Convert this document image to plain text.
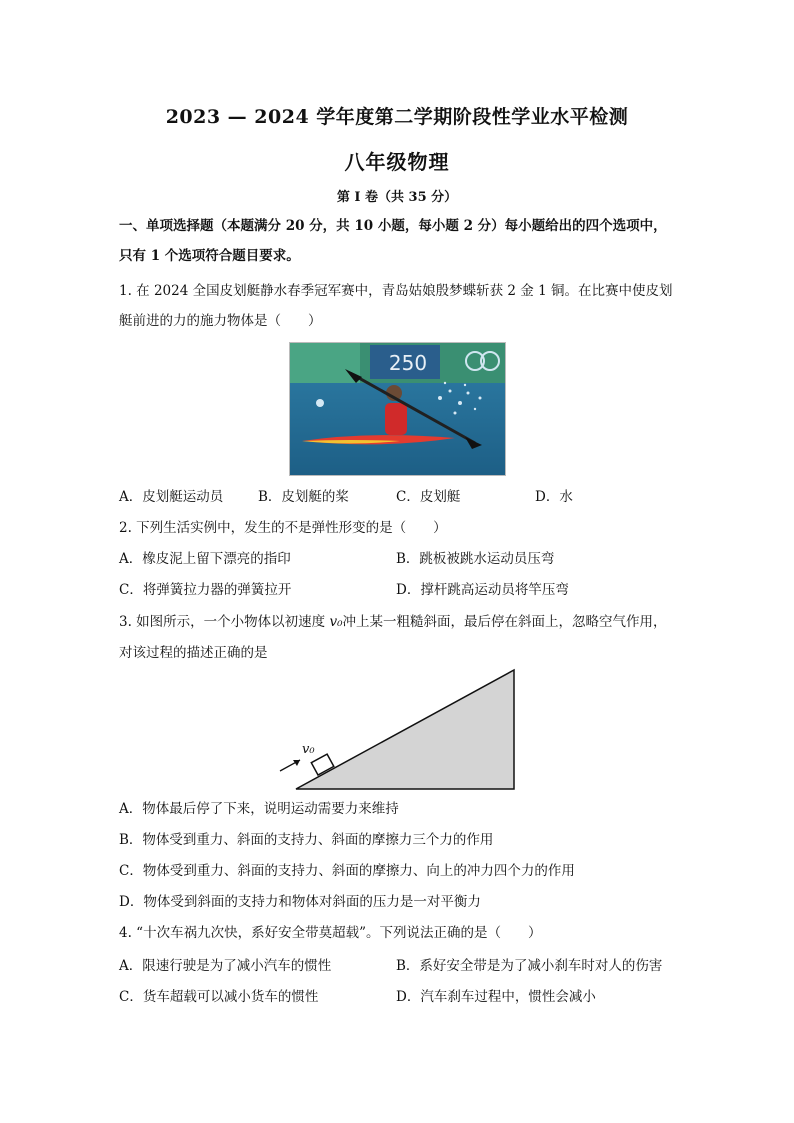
2023 — 2024 学年度第二学期阶段性学业水平检测
八年级物理
第 I 卷（共 35 分）
一、单项选择题（本题满分 20 分，共 10 小题，每小题 2 分）每小题给出的四个选项中，
只有 1 个选项符合题目要求。
1. 在 2024 全国皮划艇静水春季冠军赛中，青岛姑娘殷梦蝶斩获 2 金 1 铜。在比赛中使皮划
艇前进的力的施力物体是（　　）
250
A．皮划艇运动员	B．皮划艇的桨	C．皮划艇	D．水
2. 下列生活实例中，发生的不是弹性形变的是（　　）
A．橡皮泥上留下漂亮的指印	B．跳板被跳水运动员压弯
C．将弹簧拉力器的弹簧拉开	D．撑杆跳高运动员将竿压弯
3. 如图所示，一个小物体以初速度 v₀冲上某一粗糙斜面，最后停在斜面上，忽略空气作用，
对该过程的描述正确的是
v₀
A．物体最后停了下来，说明运动需要力来维持
B．物体受到重力、斜面的支持力、斜面的摩擦力三个力的作用
C．物体受到重力、斜面的支持力、斜面的摩擦力、向上的冲力四个力的作用
D．物体受到斜面的支持力和物体对斜面的压力是一对平衡力
4. “十次车祸九次快，系好安全带莫超载”。下列说法正确的是（　　）
A．限速行驶是为了减小汽车的惯性	B．系好安全带是为了减小刹车时对人的伤害
C．货车超载可以减小货车的惯性	D．汽车刹车过程中，惯性会减小
